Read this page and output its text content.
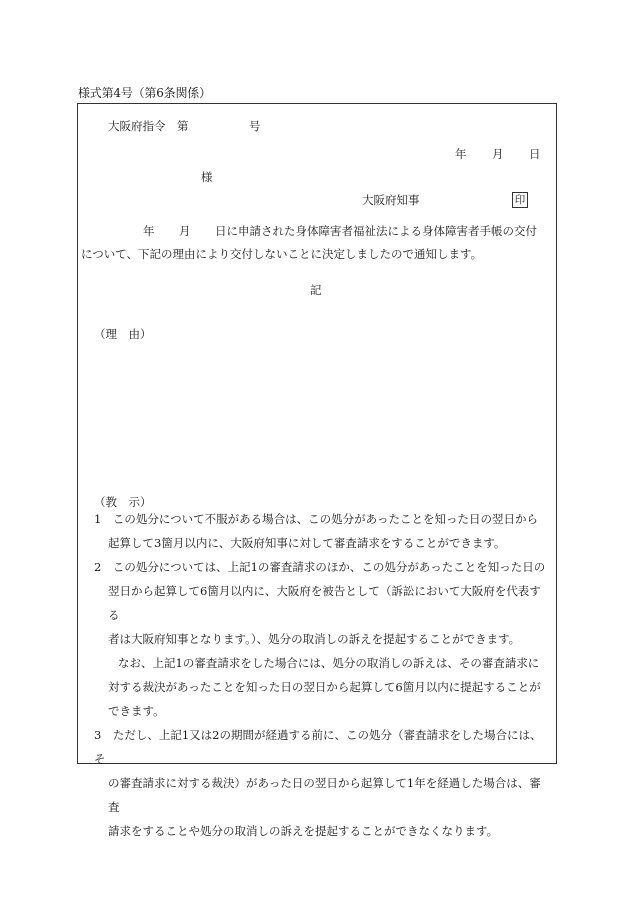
様式第4号（第6条関係）
大阪府指令　第	号
年 月 日
様
大阪府知事	印
年 月 日に申請された身体障害者福祉法による身体障害者手帳の交付
について、下記の理由により交付しないことに決定しましたので通知します。
記
（理　由）
（教　示）
1　この処分について不服がある場合は、この処分があったことを知った日の翌日から
起算して3箇月以内に、大阪府知事に対して審査請求をすることができます。
2　この処分については、上記1の審査請求のほか、この処分があったことを知った日の
翌日から起算して6箇月以内に、大阪府を被告として（訴訟において大阪府を代表する
者は大阪府知事となります。）、処分の取消しの訴えを提起することができます。
なお、上記1の審査請求をした場合には、処分の取消しの訴えは、その審査請求に
対する裁決があったことを知った日の翌日から起算して6箇月以内に提起することが
できます。
3　ただし、上記1又は2の期間が経過する前に、この処分（審査請求をした場合には、そ
の審査請求に対する裁決）があった日の翌日から起算して1年を経過した場合は、審査
請求をすることや処分の取消しの訴えを提起することができなくなります。
